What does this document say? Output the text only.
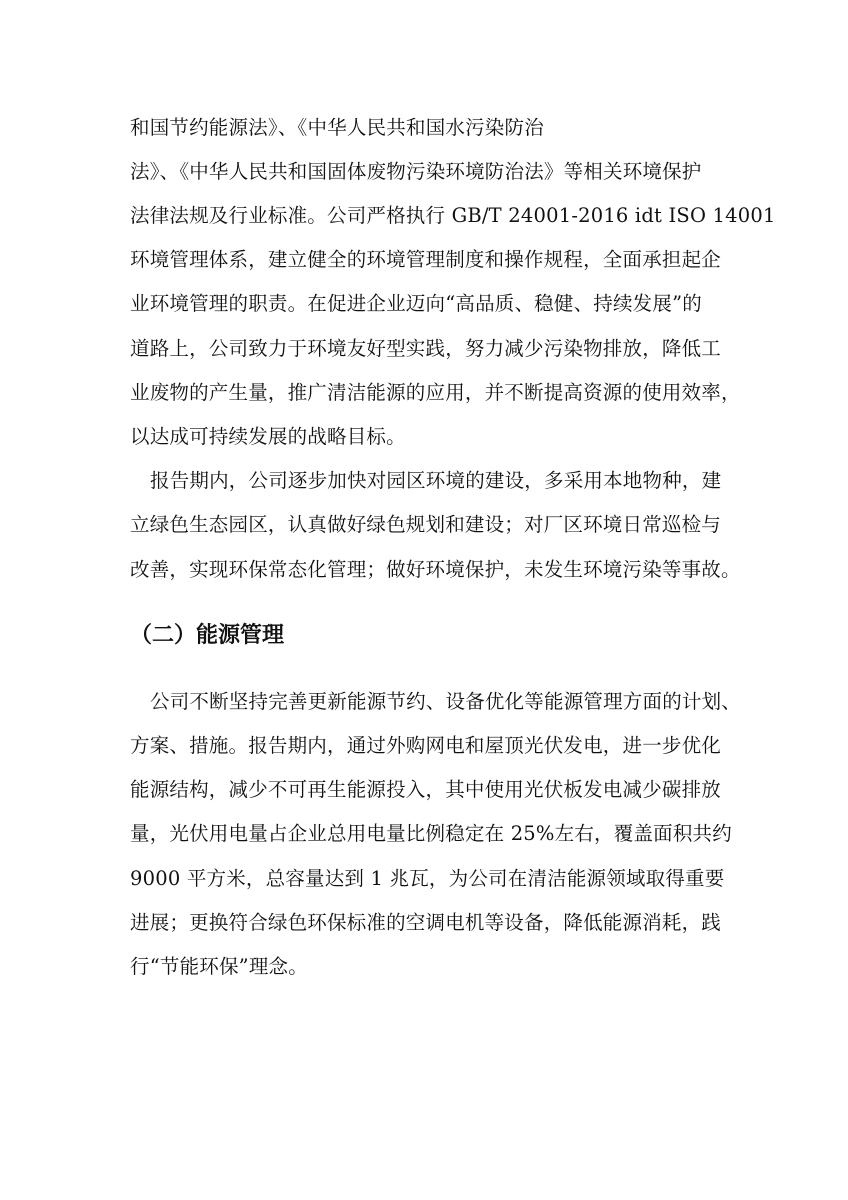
和国节约能源法》、《中华人民共和国水污染防治
法》、《中华人民共和国固体废物污染环境防治法》等相关环境保护
法律法规及行业标准。公司严格执行 GB/T 24001-2016 idt ISO 14001
环境管理体系，建立健全的环境管理制度和操作规程，全面承担起企
业环境管理的职责。在促进企业迈向“高品质、稳健、持续发展”的
道路上，公司致力于环境友好型实践，努力减少污染物排放，降低工
业废物的产生量，推广清洁能源的应用，并不断提高资源的使用效率，
以达成可持续发展的战略目标。
报告期内，公司逐步加快对园区环境的建设，多采用本地物种，建
立绿色生态园区，认真做好绿色规划和建设；对厂区环境日常巡检与
改善，实现环保常态化管理；做好环境保护，未发生环境污染等事故。
（二）能源管理
公司不断坚持完善更新能源节约、设备优化等能源管理方面的计划、
方案、措施。报告期内，通过外购网电和屋顶光伏发电，进一步优化
能源结构，减少不可再生能源投入，其中使用光伏板发电减少碳排放
量，光伏用电量占企业总用电量比例稳定在 25%左右，覆盖面积共约
9000 平方米，总容量达到 1 兆瓦，为公司在清洁能源领域取得重要
进展；更换符合绿色环保标准的空调电机等设备，降低能源消耗，践
行“节能环保”理念。
